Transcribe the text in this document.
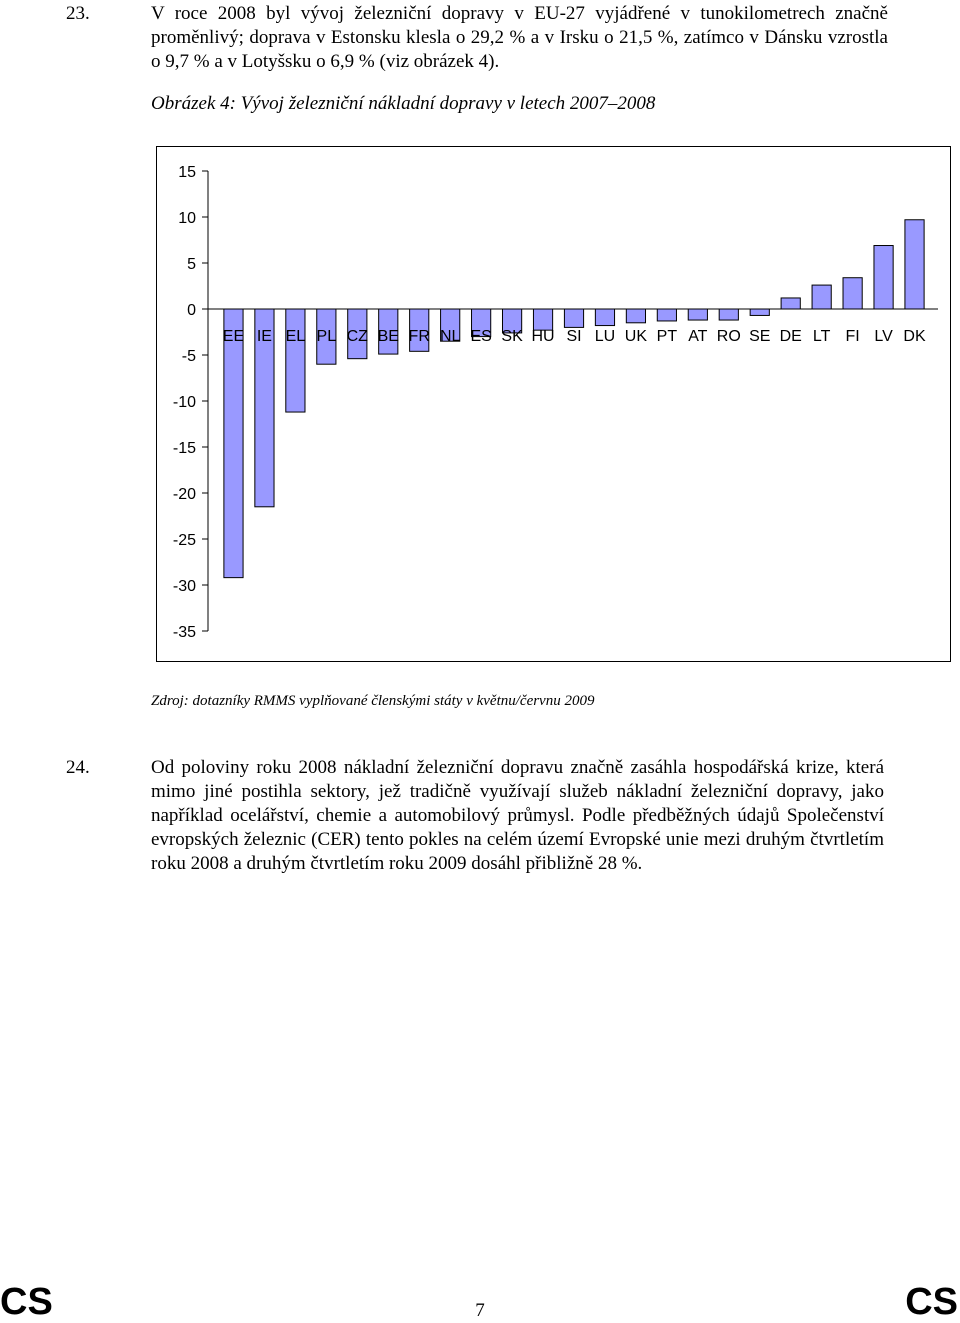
23.	V roce 2008 byl vývoj železniční dopravy v EU-27 vyjádřené v tunokilometrech značně proměnlivý; doprava v Estonsku klesla o 29,2 % a v Irsku o 21,5 %, zatímco v Dánsku vzrostla o 9,7 % a v Lotyšsku o 6,9 % (viz obrázek 4).
Obrázek 4: Vývoj železniční nákladní dopravy v letech 2007–2008
15
10
5
0
-5
-10
-15
-20
-25
-30
-35
EE IE EL PL CZ BE FR NL ES SK HU SI LU UK PT AT RO SE DE LT FI LV DK
Zdroj: dotazníky RMMS vyplňované členskými státy v květnu/červnu 2009
24.	Od poloviny roku 2008 nákladní železniční dopravu značně zasáhla hospodářská krize, která mimo jiné postihla sektory, jež tradičně využívají služeb nákladní železniční dopravy, jako například ocelářství, chemie a automobilový průmysl. Podle předběžných údajů Společenství evropských železnic (CER) tento pokles na celém území Evropské unie mezi druhým čtvrtletím roku 2008 a druhým čtvrtletím roku 2009 dosáhl přibližně 28 %.
CS	7	CS
